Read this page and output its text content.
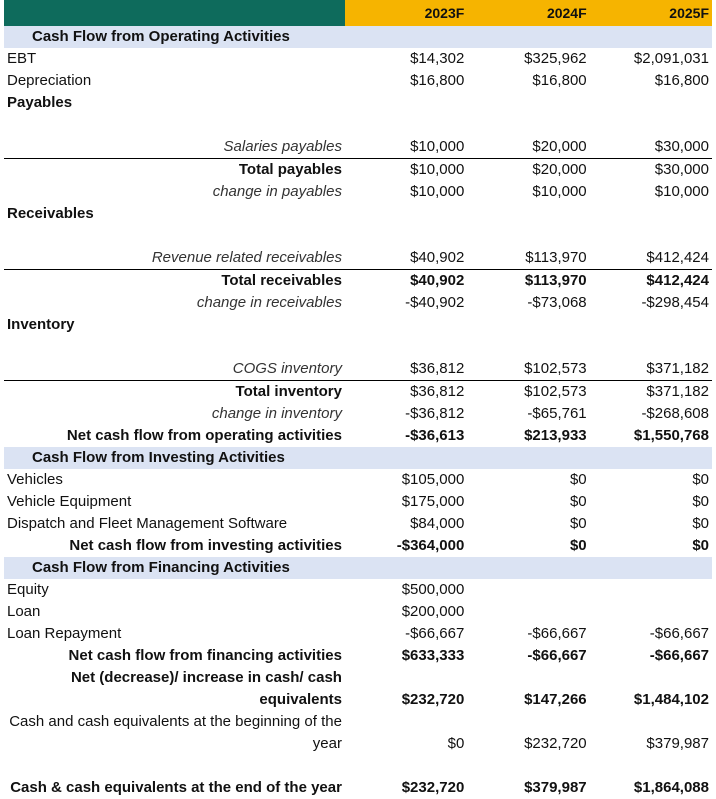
	2023F	2024F	2025F
Cash Flow from Operating Activities			
EBT	$14,302	$325,962	$2,091,031
Depreciation	$16,800	$16,800	$16,800
Payables			

Salaries payables	$10,000	$20,000	$30,000
Total payables	$10,000	$20,000	$30,000
change in payables	$10,000	$10,000	$10,000
Receivables			

Revenue related receivables	$40,902	$113,970	$412,424
Total receivables	$40,902	$113,970	$412,424
change in receivables	-$40,902	-$73,068	-$298,454
Inventory			

COGS inventory	$36,812	$102,573	$371,182
Total inventory	$36,812	$102,573	$371,182
change in inventory	-$36,812	-$65,761	-$268,608
Net cash flow from operating activities	-$36,613	$213,933	$1,550,768
Cash Flow from Investing Activities			
Vehicles	$105,000	$0	$0
Vehicle Equipment	$175,000	$0	$0
Dispatch and Fleet Management Software	$84,000	$0	$0
Net cash flow from investing activities	-$364,000	$0	$0
Cash Flow from Financing Activities			
Equity	$500,000		
Loan	$200,000		
Loan Repayment	-$66,667	-$66,667	-$66,667
Net cash flow from financing activities	$633,333	-$66,667	-$66,667
Net (decrease)/ increase in cash/ cash equivalents	$232,720	$147,266	$1,484,102
Cash and cash equivalents at the beginning of the year	$0	$232,720	$379,987
Cash & cash equivalents at the end of the year	$232,720	$379,987	$1,864,088
